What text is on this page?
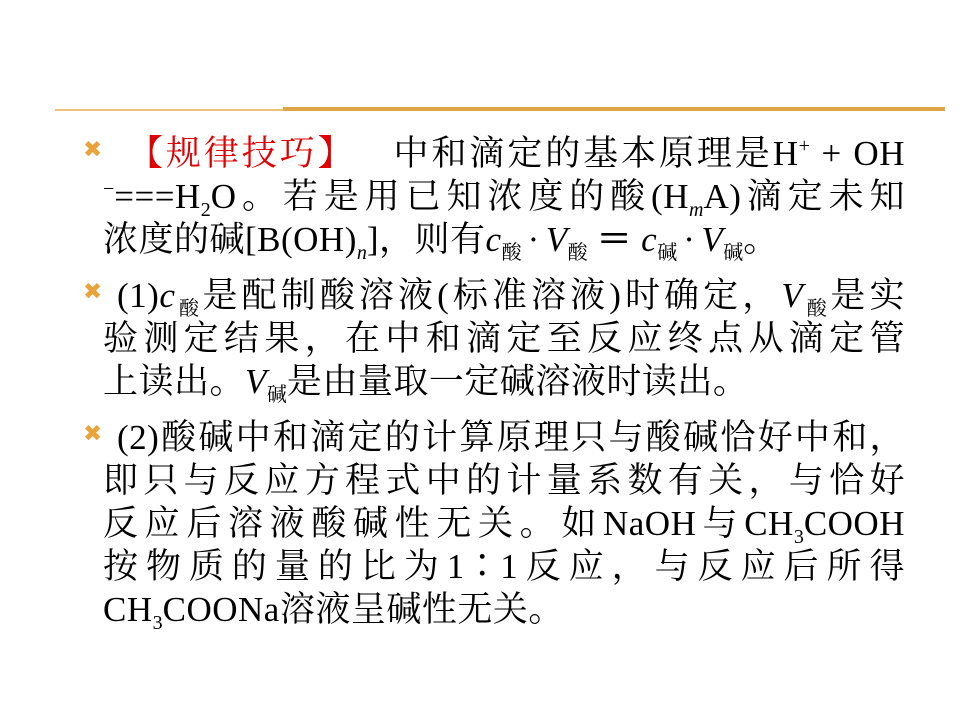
✖ 【规律技巧】 中和滴定的基本原理是H+ + OH
$^-===H_2O$。若是用已知浓度的酸$(H_mA)$滴定未知
浓度的碱$[B(OH)_n]$，则有$c_酸 \cdot V_酸 = c_碱 \cdot V_碱$。
✖ $(1)c_酸$是配制酸溶液(标准溶液)时确定，$V_酸$是实
验测定结果，在中和滴定至反应终点从滴定管
上读出。$V_碱$是由量取一定碱溶液时读出。
✖ (2)酸碱中和滴定的计算原理只与酸碱恰好中和，
即只与反应方程式中的计量系数有关，与恰好
反应后溶液酸碱性无关。如NaOH与$CH_3COOH$
按物质的量的比为1∶1反应，与反应后所得
$CH_3COONa$溶液呈碱性无关。
